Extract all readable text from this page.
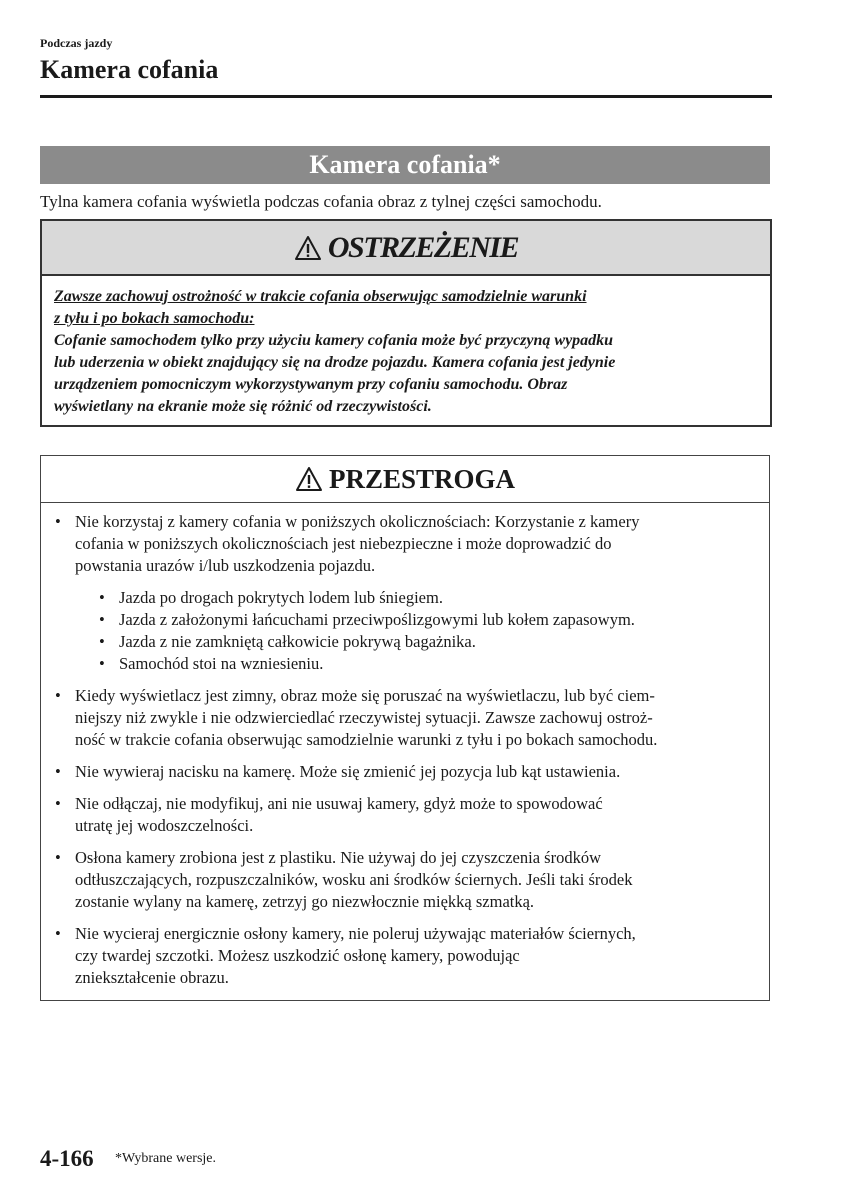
Podczas jazdy
Kamera cofania
Kamera cofania*
Tylna kamera cofania wyświetla podczas cofania obraz z tylnej części samochodu.
OSTRZEŻENIE
Zawsze zachowuj ostrożność w trakcie cofania obserwując samodzielnie warunki
z tyłu i po bokach samochodu:
Cofanie samochodem tylko przy użyciu kamery cofania może być przyczyną wypadku
lub uderzenia w obiekt znajdujący się na drodze pojazdu. Kamera cofania jest jedynie
urządzeniem pomocniczym wykorzystywanym przy cofaniu samochodu. Obraz
wyświetlany na ekranie może się różnić od rzeczywistości.
PRZESTROGA
• Nie korzystaj z kamery cofania w poniższych okolicznościach: Korzystanie z kamery
cofania w poniższych okolicznościach jest niebezpieczne i może doprowadzić do
powstania urazów i/lub uszkodzenia pojazdu.
• Jazda po drogach pokrytych lodem lub śniegiem.
• Jazda z założonymi łańcuchami przeciwpoślizgowymi lub kołem zapasowym.
• Jazda z nie zamkniętą całkowicie pokrywą bagażnika.
• Samochód stoi na wzniesieniu.
• Kiedy wyświetlacz jest zimny, obraz może się poruszać na wyświetlaczu, lub być ciem-
niejszy niż zwykle i nie odzwierciedlać rzeczywistej sytuacji. Zawsze zachowuj ostroż-
ność w trakcie cofania obserwując samodzielnie warunki z tyłu i po bokach samochodu.
• Nie wywieraj nacisku na kamerę. Może się zmienić jej pozycja lub kąt ustawienia.
• Nie odłączaj, nie modyfikuj, ani nie usuwaj kamery, gdyż może to spowodować
utratę jej wodoszczelności.
• Osłona kamery zrobiona jest z plastiku. Nie używaj do jej czyszczenia środków
odtłuszczających, rozpuszczalników, wosku ani środków ściernych. Jeśli taki środek
zostanie wylany na kamerę, zetrzyj go niezwłocznie miękką szmatką.
• Nie wycieraj energicznie osłony kamery, nie poleruj używając materiałów ściernych,
czy twardej szczotki. Możesz uszkodzić osłonę kamery, powodując
zniekształcenie obrazu.
4-166 *Wybrane wersje.
